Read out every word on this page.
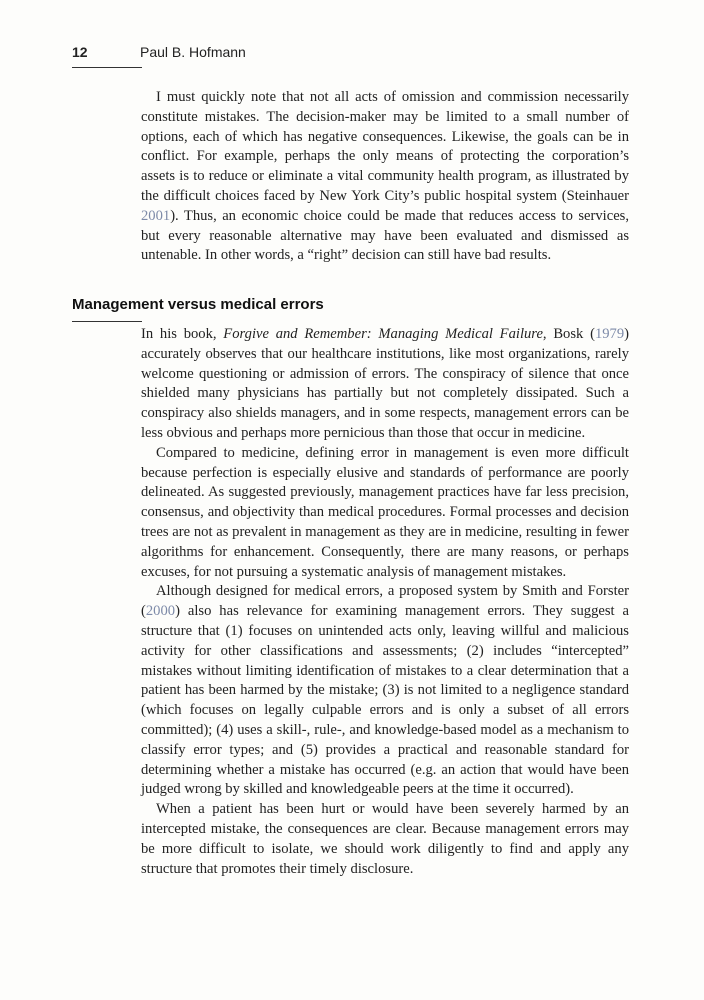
12	Paul B. Hofmann

I must quickly note that not all acts of omission and commission necessarily constitute mistakes. The decision-maker may be limited to a small number of options, each of which has negative consequences. Likewise, the goals can be in conflict. For example, perhaps the only means of protecting the corporation’s assets is to reduce or eliminate a vital community health program, as illustrated by the difficult choices faced by New York City’s public hospital system (Steinhauer 2001). Thus, an economic choice could be made that reduces access to services, but every reasonable alternative may have been evaluated and dismissed as untenable. In other words, a “right” decision can still have bad results.

Management versus medical errors

In his book, Forgive and Remember: Managing Medical Failure, Bosk (1979) accurately observes that our healthcare institutions, like most organizations, rarely welcome questioning or admission of errors. The conspiracy of silence that once shielded many physicians has partially but not completely dissipated. Such a conspiracy also shields managers, and in some respects, management errors can be less obvious and perhaps more pernicious than those that occur in medicine.

Compared to medicine, defining error in management is even more difficult because perfection is especially elusive and standards of performance are poorly delineated. As suggested previously, management practices have far less precision, consensus, and objectivity than medical procedures. Formal processes and decision trees are not as prevalent in management as they are in medicine, resulting in fewer algorithms for enhancement. Consequently, there are many reasons, or perhaps excuses, for not pursuing a systematic analysis of management mistakes.

Although designed for medical errors, a proposed system by Smith and Forster (2000) also has relevance for examining management errors. They suggest a structure that (1) focuses on unintended acts only, leaving willful and malicious activity for other classifications and assessments; (2) includes “intercepted” mistakes without limiting identification of mistakes to a clear determination that a patient has been harmed by the mistake; (3) is not limited to a negligence standard (which focuses on legally culpable errors and is only a subset of all errors committed); (4) uses a skill-, rule-, and knowledge-based model as a mechanism to classify error types; and (5) provides a practical and reasonable standard for determining whether a mistake has occurred (e.g. an action that would have been judged wrong by skilled and knowledgeable peers at the time it occurred).

When a patient has been hurt or would have been severely harmed by an intercepted mistake, the consequences are clear. Because management errors may be more difficult to isolate, we should work diligently to find and apply any structure that promotes their timely disclosure.
